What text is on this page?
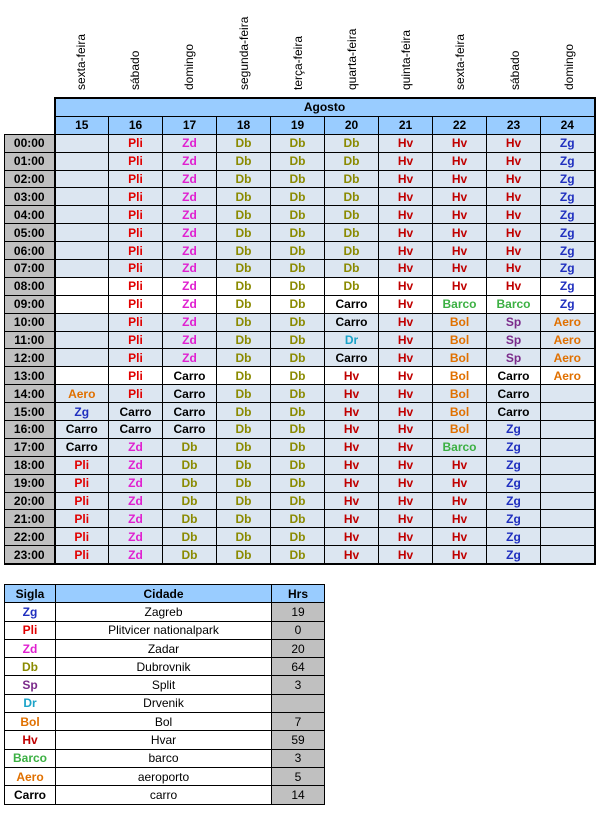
sexta-feira	sábado	domingo	segunda-feira	terça-feira	quarta-feira	quinta-feira	sexta-feira	sábado	domingo
	Agosto									
	15	16	17	18	19	20	21	22	23	24
00:00		Pli	Zd	Db	Db	Db	Hv	Hv	Hv	Zg
01:00		Pli	Zd	Db	Db	Db	Hv	Hv	Hv	Zg
02:00		Pli	Zd	Db	Db	Db	Hv	Hv	Hv	Zg
03:00		Pli	Zd	Db	Db	Db	Hv	Hv	Hv	Zg
04:00		Pli	Zd	Db	Db	Db	Hv	Hv	Hv	Zg
05:00		Pli	Zd	Db	Db	Db	Hv	Hv	Hv	Zg
06:00		Pli	Zd	Db	Db	Db	Hv	Hv	Hv	Zg
07:00		Pli	Zd	Db	Db	Db	Hv	Hv	Hv	Zg
08:00		Pli	Zd	Db	Db	Db	Hv	Hv	Hv	Zg
09:00		Pli	Zd	Db	Db	Carro	Hv	Barco	Barco	Zg
10:00		Pli	Zd	Db	Db	Carro	Hv	Bol	Sp	Aero
11:00		Pli	Zd	Db	Db	Dr	Hv	Bol	Sp	Aero
12:00		Pli	Zd	Db	Db	Carro	Hv	Bol	Sp	Aero
13:00		Pli	Carro	Db	Db	Hv	Hv	Bol	Carro	Aero
14:00	Aero	Pli	Carro	Db	Db	Hv	Hv	Bol	Carro	
15:00	Zg	Carro	Carro	Db	Db	Hv	Hv	Bol	Carro	
16:00	Carro	Carro	Carro	Db	Db	Hv	Hv	Bol	Zg	
17:00	Carro	Zd	Db	Db	Db	Hv	Hv	Barco	Zg	
18:00	Pli	Zd	Db	Db	Db	Hv	Hv	Hv	Zg	
19:00	Pli	Zd	Db	Db	Db	Hv	Hv	Hv	Zg	
20:00	Pli	Zd	Db	Db	Db	Hv	Hv	Hv	Zg	
21:00	Pli	Zd	Db	Db	Db	Hv	Hv	Hv	Zg	
22:00	Pli	Zd	Db	Db	Db	Hv	Hv	Hv	Zg	
23:00	Pli	Zd	Db	Db	Db	Hv	Hv	Hv	Zg	
Sigla	Cidade	Hrs
Zg	Zagreb	19
Pli	Plitvicer nationalpark	0
Zd	Zadar	20
Db	Dubrovnik	64
Sp	Split	3
Dr	Drvenik	
Bol	Bol	7
Hv	Hvar	59
Barco	barco	3
Aero	aeroporto	5
Carro	carro	14
